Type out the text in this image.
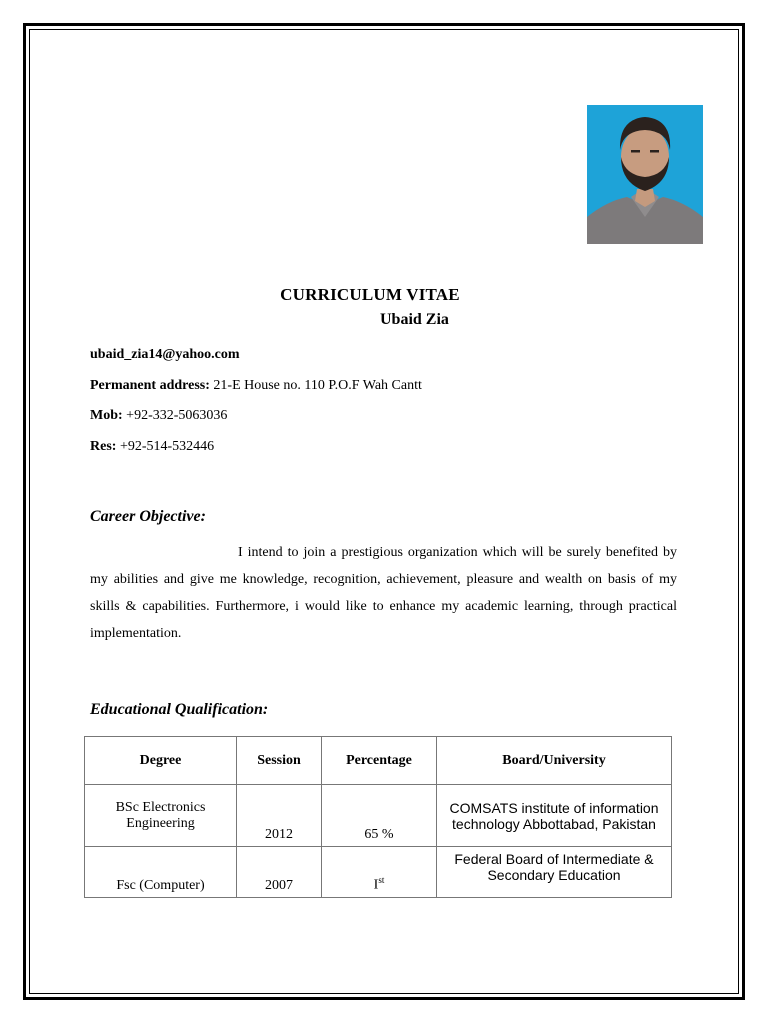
CURRICULUM VITAE
Ubaid Zia
ubaid_zia14@yahoo.com
Permanent address: 21-E House no. 110 P.O.F Wah Cantt
Mob: +92-332-5063036
Res: +92-514-532446
Career Objective:

I intend to join a prestigious organization which will be surely benefited by my abilities and give me knowledge, recognition, achievement, pleasure and wealth on basis of my skills & capabilities. Furthermore, i would like to enhance my academic learning, through practical implementation.

Educational Qualification:
Degree	Session	Percentage	Board/University
BSc Electronics Engineering	2012	65 %	COMSATS institute of information technology Abbottabad, Pakistan
Fsc (Computer)	2007	Ist	Federal Board of Intermediate & Secondary Education
